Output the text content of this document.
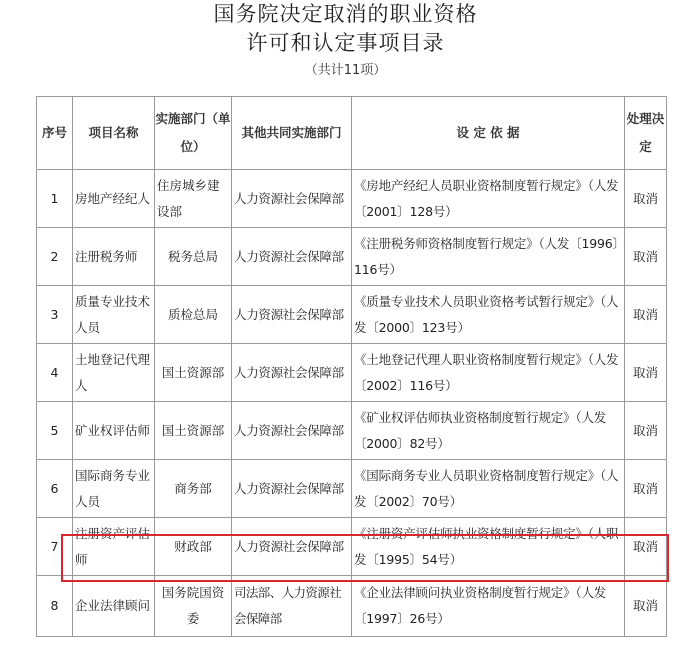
国务院决定取消的职业资格
许可和认定事项目录
（共计11项）
序号	项目名称	实施部门（单位）	其他共同实施部门	设 定 依 据	处理决定
1	房地产经纪人	住房城乡建设部	人力资源社会保障部	《房地产经纪人员职业资格制度暂行规定》（人发〔2001〕128号）	取消
2	注册税务师	税务总局	人力资源社会保障部	《注册税务师资格制度暂行规定》（人发〔1996〕116号）	取消
3	质量专业技术人员	质检总局	人力资源社会保障部	《质量专业技术人员职业资格考试暂行规定》（人发〔2000〕123号）	取消
4	土地登记代理人	国土资源部	人力资源社会保障部	《土地登记代理人职业资格制度暂行规定》（人发〔2002〕116号）	取消
5	矿业权评估师	国土资源部	人力资源社会保障部	《矿业权评估师执业资格制度暂行规定》（人发〔2000〕82号）	取消
6	国际商务专业人员	商务部	人力资源社会保障部	《国际商务专业人员职业资格制度暂行规定》（人发〔2002〕70号）	取消
7	注册资产评估师	财政部	人力资源社会保障部	《注册资产评估师执业资格制度暂行规定》（人职发〔1995〕54号）	取消
8	企业法律顾问	国务院国资委	司法部、人力资源社会保障部	《企业法律顾问执业资格制度暂行规定》（人发〔1997〕26号）	取消
